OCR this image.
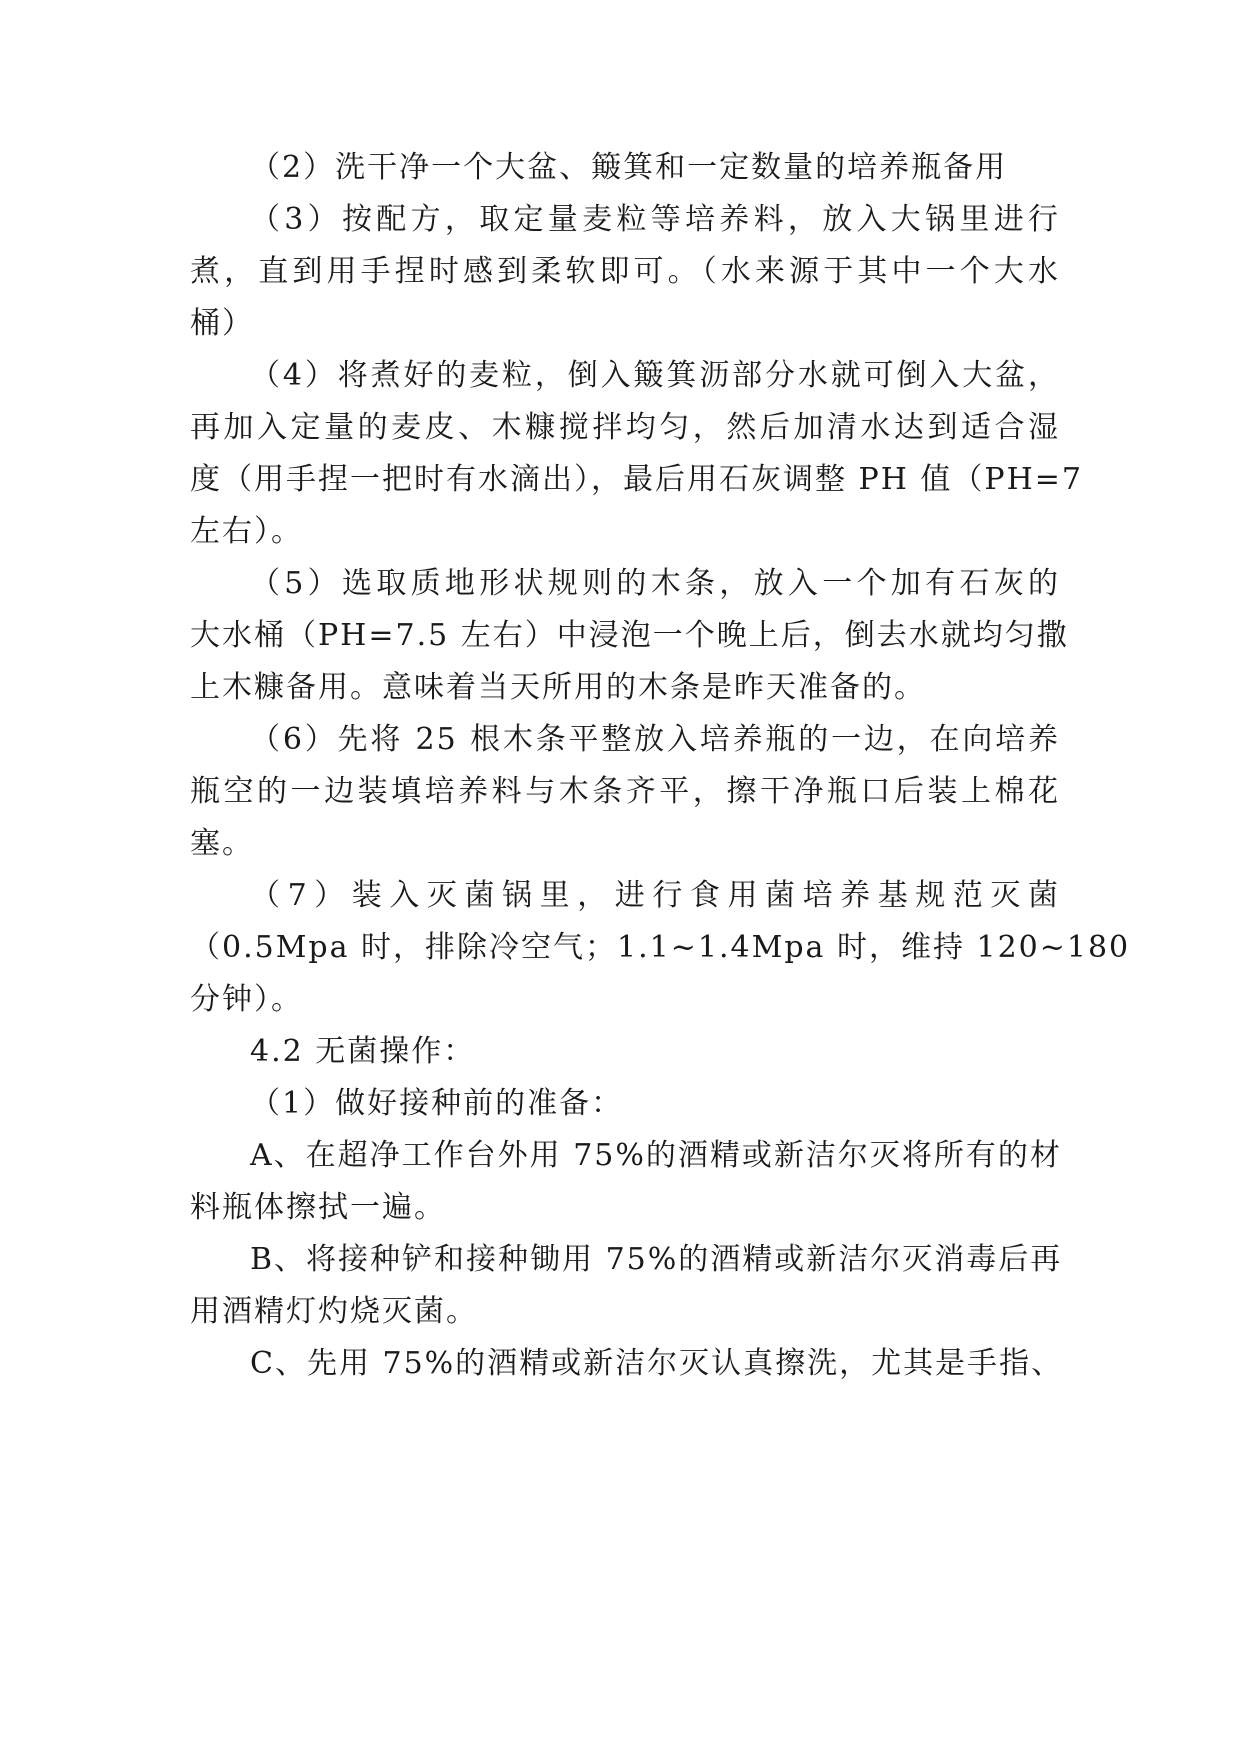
（2）洗干净一个大盆、簸箕和一定数量的培养瓶备用
（3）按配方，取定量麦粒等培养料，放入大锅里进行
煮，直到用手捏时感到柔软即可。（水来源于其中一个大水
桶）
（4）将煮好的麦粒，倒入簸箕沥部分水就可倒入大盆，
再加入定量的麦皮、木糠搅拌均匀，然后加清水达到适合湿
度（用手捏一把时有水滴出），最后用石灰调整 PH 值（PH=7
左右）。
（5）选取质地形状规则的木条，放入一个加有石灰的
大水桶（PH=7.5 左右）中浸泡一个晚上后，倒去水就均匀撒
上木糠备用。意味着当天所用的木条是昨天准备的。
（6）先将 25 根木条平整放入培养瓶的一边，在向培养
瓶空的一边装填培养料与木条齐平，擦干净瓶口后装上棉花
塞。
（7）装入灭菌锅里，进行食用菌培养基规范灭菌
（0.5Mpa 时，排除冷空气；1.1~1.4Mpa 时，维持 120~180
分钟）。
4.2 无菌操作：
（1）做好接种前的准备：
A、在超净工作台外用 75%的酒精或新洁尔灭将所有的材
料瓶体擦拭一遍。
B、将接种铲和接种锄用 75%的酒精或新洁尔灭消毒后再
用酒精灯灼烧灭菌。
C、先用 75%的酒精或新洁尔灭认真擦洗，尤其是手指、
